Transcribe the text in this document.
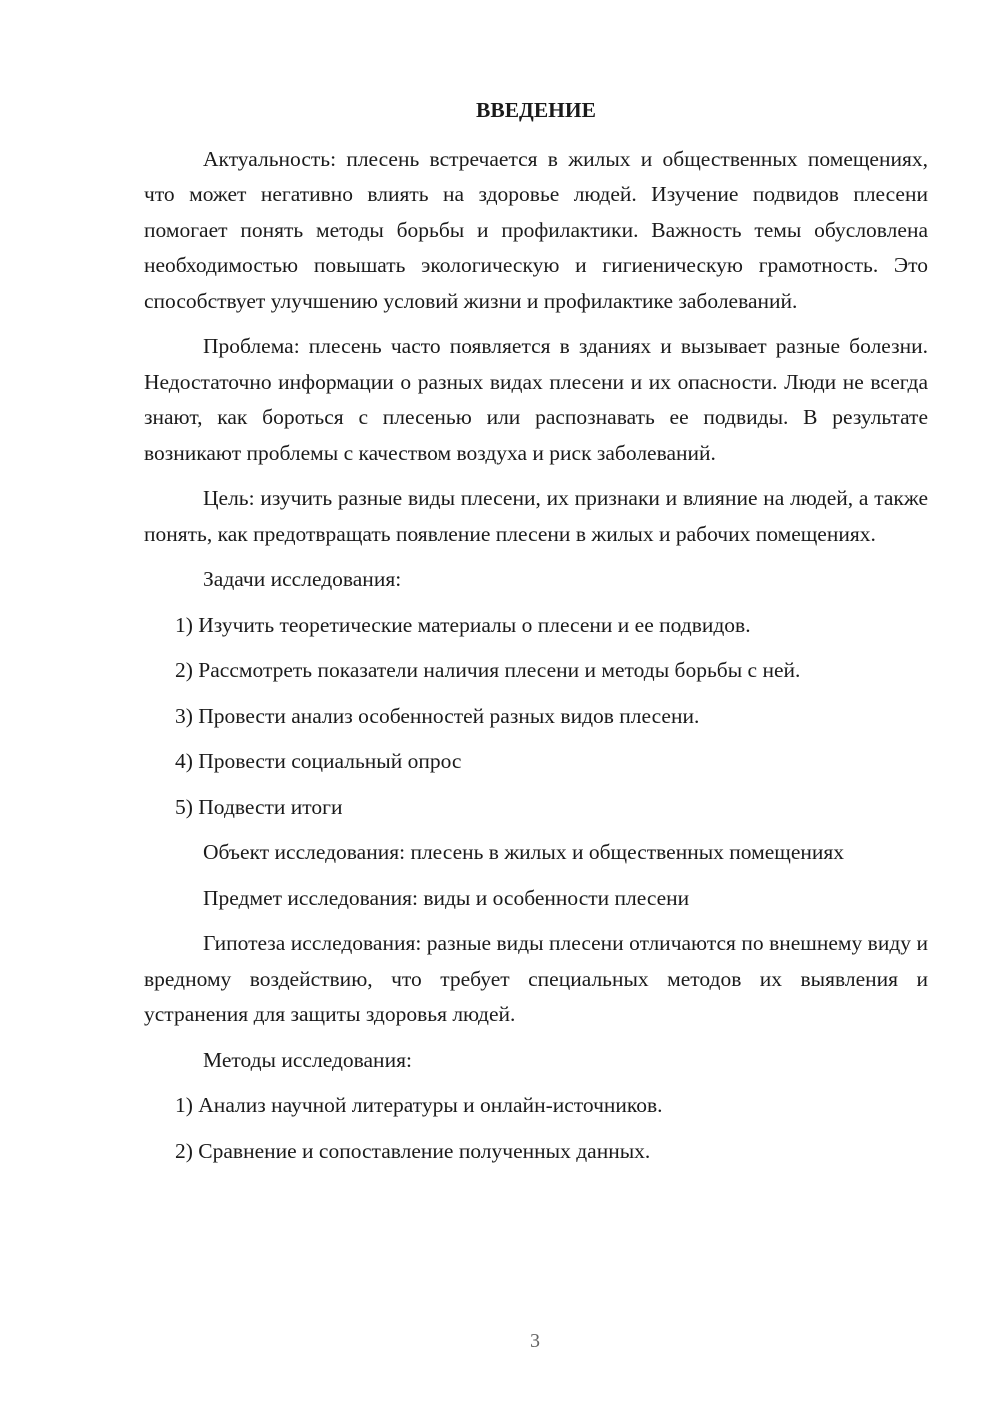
ВВЕДЕНИЕ

Актуальность: плесень встречается в жилых и общественных помещениях, что может негативно влиять на здоровье людей. Изучение подвидов плесени помогает понять методы борьбы и профилактики. Важность темы обусловлена необходимостью повышать экологическую и гигиеническую грамотность. Это способствует улучшению условий жизни и профилактике заболеваний.

Проблема: плесень часто появляется в зданиях и вызывает разные болезни. Недостаточно информации о разных видах плесени и их опасности. Люди не всегда знают, как бороться с плесенью или распознавать ее подвиды. В результате возникают проблемы с качеством воздуха и риск заболеваний.

Цель: изучить разные виды плесени, их признаки и влияние на людей, а также понять, как предотвращать появление плесени в жилых и рабочих помещениях.

Задачи исследования:

1) Изучить теоретические материалы о плесени и ее подвидов.

2) Рассмотреть показатели наличия плесени и методы борьбы с ней.

3) Провести анализ особенностей разных видов плесени.

4) Провести социальный опрос

5) Подвести итоги

Объект исследования: плесень в жилых и общественных помещениях

Предмет исследования: виды и особенности плесени

Гипотеза исследования: разные виды плесени отличаются по внешнему виду и вредному воздействию, что требует специальных методов их выявления и устранения для защиты здоровья людей.

Методы исследования:

1) Анализ научной литературы и онлайн-источников.

2) Сравнение и сопоставление полученных данных.

3
